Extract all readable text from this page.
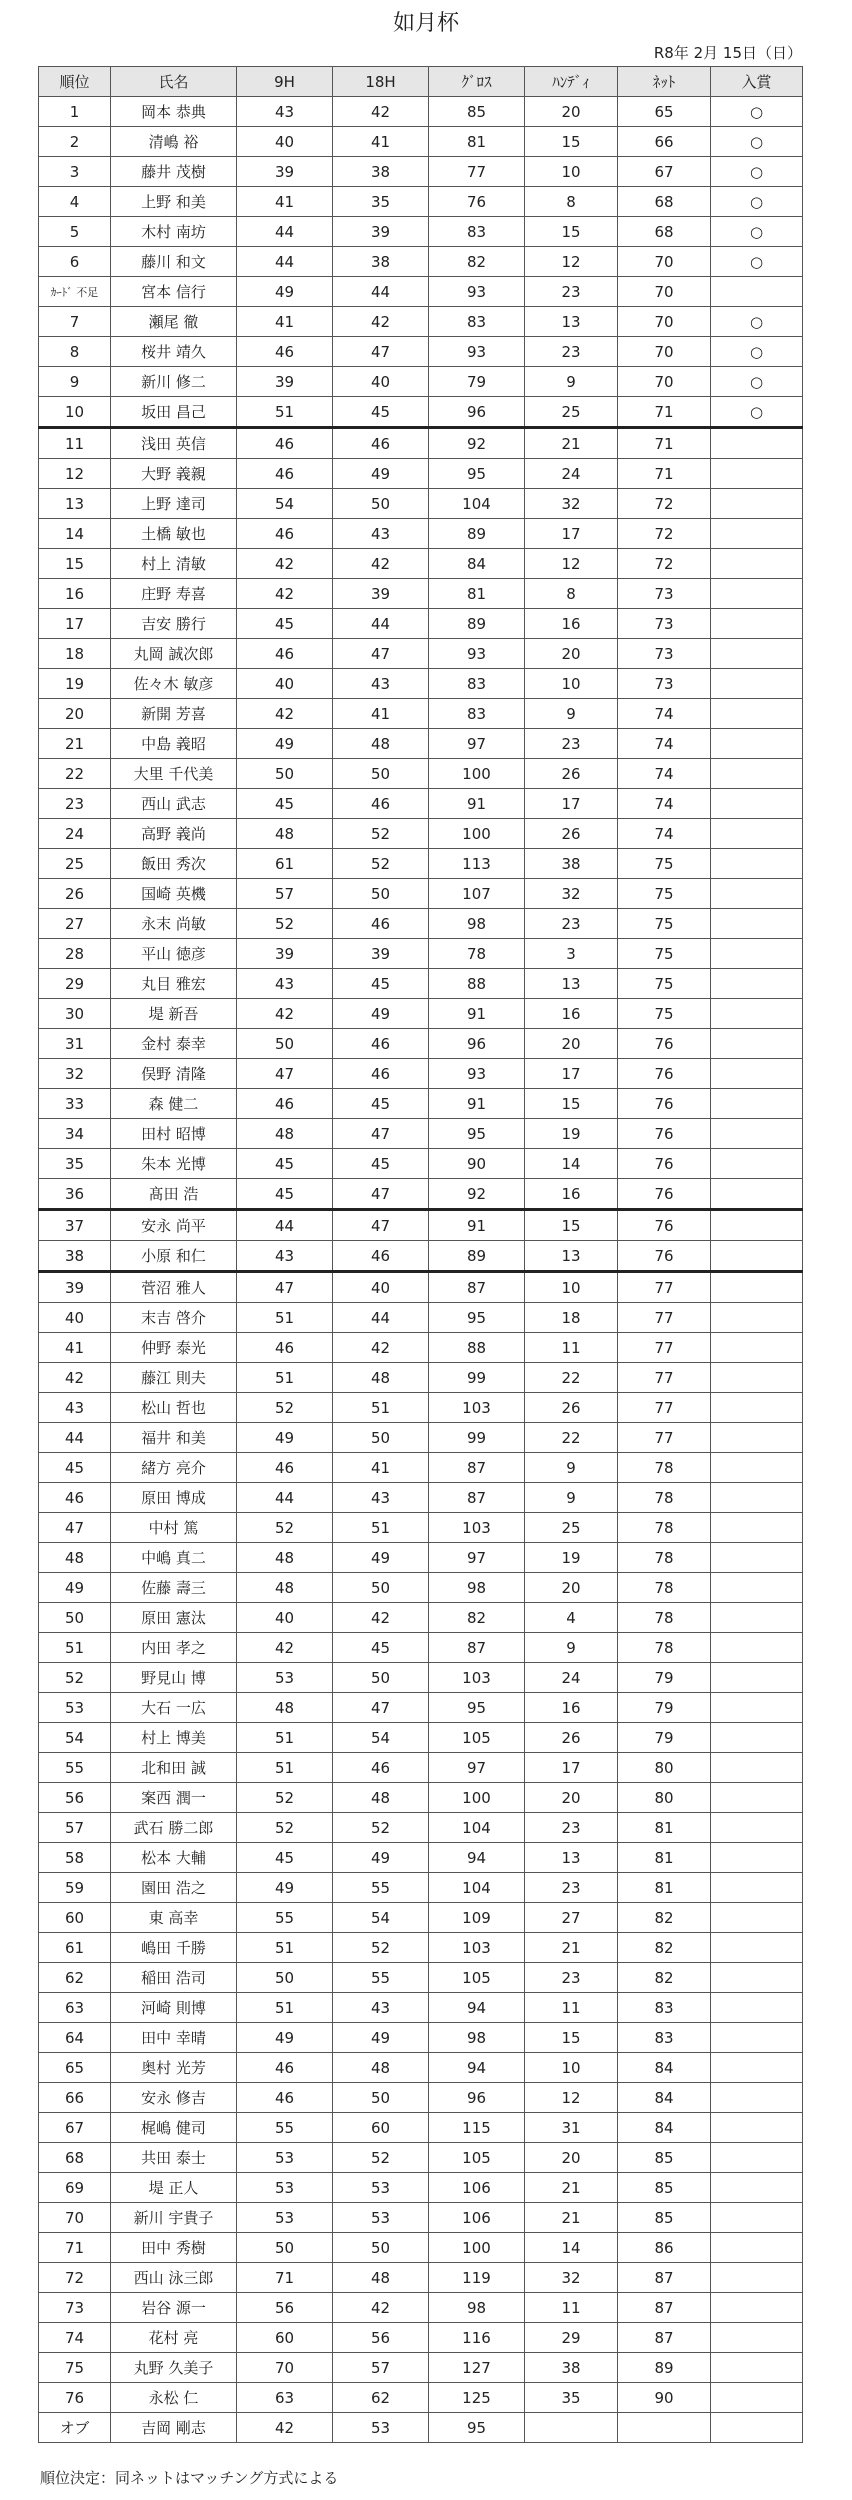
如月杯
R8年 2月 15日（日）
順位	氏名	9H	18H	ｸﾞﾛｽ	ﾊﾝﾃﾞｨ	ﾈｯﾄ	入賞
1	岡本 恭典	43	42	85	20	65	○
2	清嶋 裕	40	41	81	15	66	○
3	藤井 茂樹	39	38	77	10	67	○
4	上野 和美	41	35	76	8	68	○
5	木村 南坊	44	39	83	15	68	○
6	藤川 和文	44	38	82	12	70	○
ｶｰﾄﾞ 不足	宮本 信行	49	44	93	23	70	
7	瀬尾 徹	41	42	83	13	70	○
8	桜井 靖久	46	47	93	23	70	○
9	新川 修二	39	40	79	9	70	○
10	坂田 昌己	51	45	96	25	71	○
11	浅田 英信	46	46	92	21	71	
12	大野 義親	46	49	95	24	71	
13	上野 達司	54	50	104	32	72	
14	土橋 敏也	46	43	89	17	72	
15	村上 清敏	42	42	84	12	72	
16	庄野 寿喜	42	39	81	8	73	
17	吉安 勝行	45	44	89	16	73	
18	丸岡 誠次郎	46	47	93	20	73	
19	佐々木 敏彦	40	43	83	10	73	
20	新開 芳喜	42	41	83	9	74	
21	中島 義昭	49	48	97	23	74	
22	大里 千代美	50	50	100	26	74	
23	西山 武志	45	46	91	17	74	
24	高野 義尚	48	52	100	26	74	
25	飯田 秀次	61	52	113	38	75	
26	国崎 英機	57	50	107	32	75	
27	永末 尚敏	52	46	98	23	75	
28	平山 徳彦	39	39	78	3	75	
29	丸目 雅宏	43	45	88	13	75	
30	堤 新吾	42	49	91	16	75	
31	金村 泰幸	50	46	96	20	76	
32	俣野 清隆	47	46	93	17	76	
33	森 健二	46	45	91	15	76	
34	田村 昭博	48	47	95	19	76	
35	朱本 光博	45	45	90	14	76	
36	髙田 浩	45	47	92	16	76	
37	安永 尚平	44	47	91	15	76	
38	小原 和仁	43	46	89	13	76	
39	菅沼 雅人	47	40	87	10	77	
40	末吉 啓介	51	44	95	18	77	
41	仲野 泰光	46	42	88	11	77	
42	藤江 則夫	51	48	99	22	77	
43	松山 哲也	52	51	103	26	77	
44	福井 和美	49	50	99	22	77	
45	緒方 亮介	46	41	87	9	78	
46	原田 博成	44	43	87	9	78	
47	中村 篤	52	51	103	25	78	
48	中嶋 真二	48	49	97	19	78	
49	佐藤 壽三	48	50	98	20	78	
50	原田 憲汰	40	42	82	4	78	
51	内田 孝之	42	45	87	9	78	
52	野見山 博	53	50	103	24	79	
53	大石 一広	48	47	95	16	79	
54	村上 博美	51	54	105	26	79	
55	北和田 誠	51	46	97	17	80	
56	案西 潤一	52	48	100	20	80	
57	武石 勝二郎	52	52	104	23	81	
58	松本 大輔	45	49	94	13	81	
59	園田 浩之	49	55	104	23	81	
60	東 高幸	55	54	109	27	82	
61	嶋田 千勝	51	52	103	21	82	
62	稲田 浩司	50	55	105	23	82	
63	河崎 則博	51	43	94	11	83	
64	田中 幸晴	49	49	98	15	83	
65	奥村 光芳	46	48	94	10	84	
66	安永 修吉	46	50	96	12	84	
67	梶嶋 健司	55	60	115	31	84	
68	共田 泰士	53	52	105	20	85	
69	堤 正人	53	53	106	21	85	
70	新川 宇貴子	53	53	106	21	85	
71	田中 秀樹	50	50	100	14	86	
72	西山 泳三郎	71	48	119	32	87	
73	岩谷 源一	56	42	98	11	87	
74	花村 亮	60	56	116	29	87	
75	丸野 久美子	70	57	127	38	89	
76	永松 仁	63	62	125	35	90	
オブ	吉岡 剛志	42	53	95			
順位決定：同ネットはマッチング方式による
